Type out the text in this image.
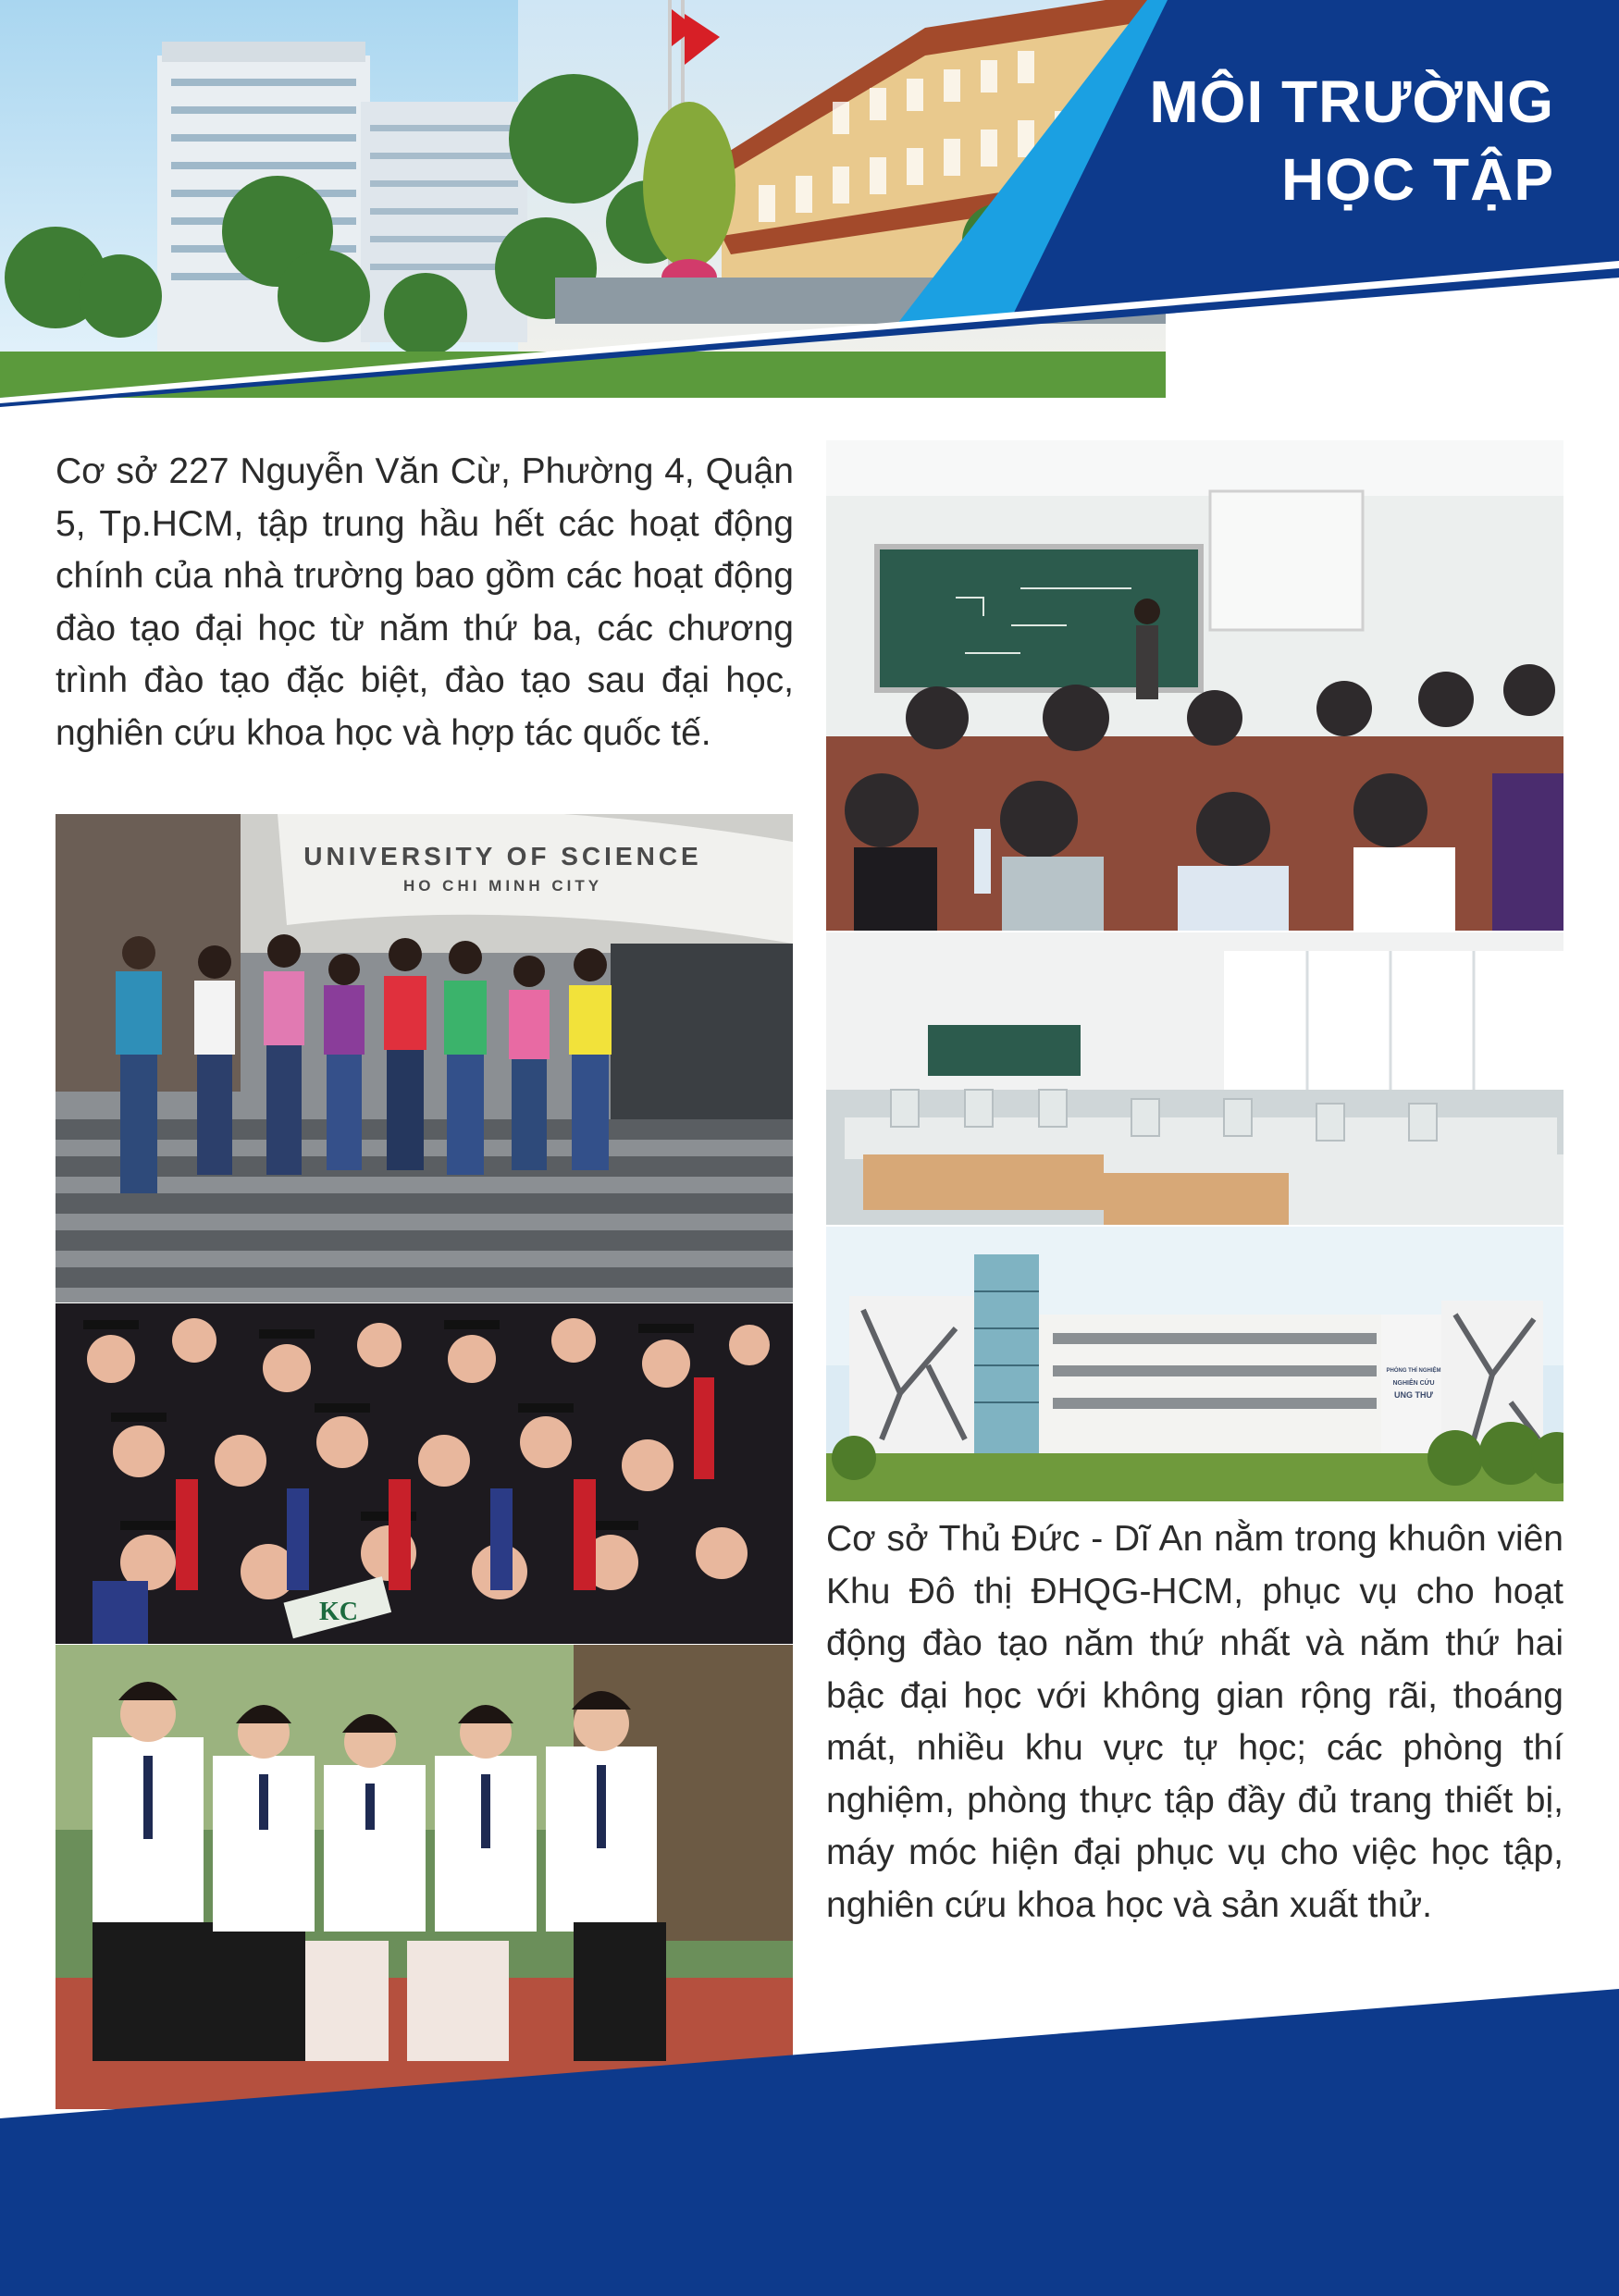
MÔI TRƯỜNG
HỌC TẬP
Cơ sở 227 Nguyễn Văn Cừ, Phường 4, Quận 5, Tp.HCM, tập trung hầu hết các hoạt động chính của nhà trường bao gồm các hoạt động đào tạo đại học từ năm thứ ba, các chương trình đào tạo đặc biệt, đào tạo sau đại học, nghiên cứu khoa học và hợp tác quốc tế.
UNIVERSITY OF SCIENCE
HO CHI MINH CITY
KC
PHÒNG THÍ NGHIỆM
NGHIÊN CỨU
UNG THƯ
Cơ sở Thủ Đức - Dĩ An nằm trong khuôn viên Khu Đô thị ĐHQG-HCM, phục vụ cho hoạt động đào tạo năm thứ nhất và năm thứ hai bậc đại học với không gian rộng rãi, thoáng mát, nhiều khu vực tự học; các phòng thí nghiệm, phòng thực tập đầy đủ trang thiết bị, máy móc hiện đại phục vụ cho việc học tập, nghiên cứu khoa học và sản xuất thử.
